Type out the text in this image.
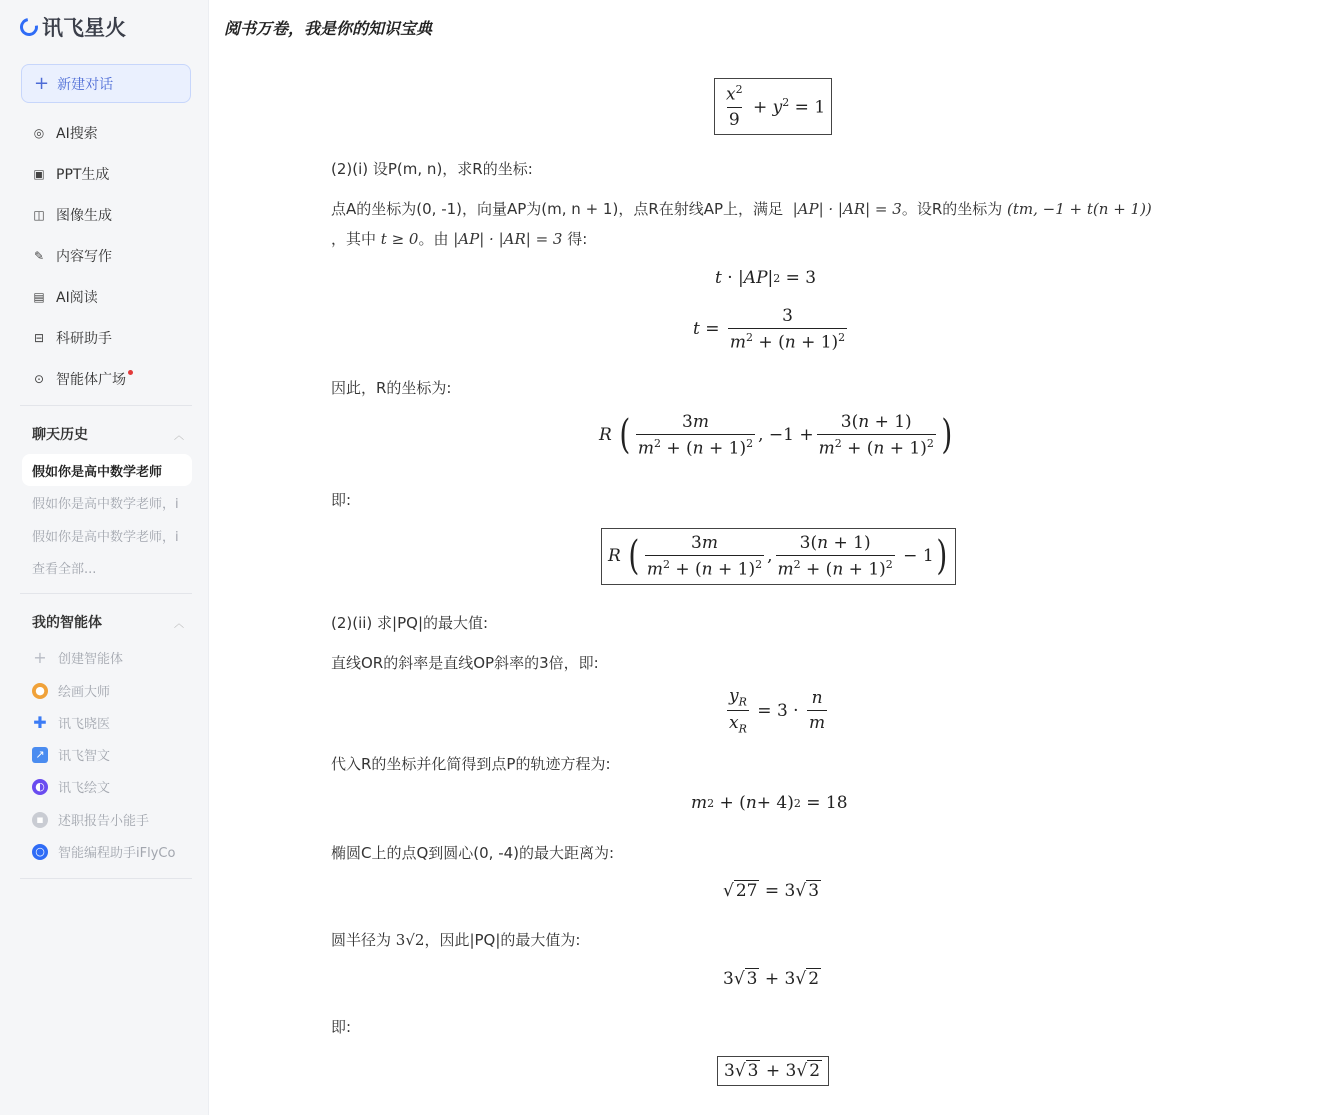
讯飞星火
+ 新建对话
◎ AI搜索
▣ PPT生成
◫ 图像生成
✎ 内容写作
▤ AI阅读
⊟ 科研助手
⊙ 智能体广场
聊天历史	︿
假如你是高中数学老师
假如你是高中数学老师，i
假如你是高中数学老师，i
查看全部...
我的智能体	︿
+ 创建智能体
● 绘画大师
✚ 讯飞晓医
↗ 讯飞智文
◐ 讯飞绘文
▪	述职报告小能手
○ 智能编程助手iFlyCo
阅书万卷，我是你的知识宝典
$\frac{x^2}{9} + y^2 = 1$
(2)(i) 设P(m, n)，求R的坐标:
点A的坐标为(0, -1)，向量AP为(m, n + 1)，点R在射线AP上，满足  |AP| · |AR| = 3。设R的坐标为 (tm, −1 + t(n + 1))
，其中 t ≥ 0。由 |AP| · |AR| = 3 得:
t · | AP | 2 = 3
$t = \frac{3}{m^2 + (n + 1)^2}$
因此，R的坐标为:
R
( $\frac{3m}{m^2 + (n + 1)^2}$ , $-1 + \frac{3(n + 1)}{m^2 + (n + 1)^2}$ )
即:
R
( $\frac{3m}{m^2 + (n + 1)^2}$ , $\frac{3(n + 1)}{m^2 + (n + 1)^2} - 1$ )
(2)(ii) 求|PQ|的最大值:
直线OR的斜率是直线OP斜率的3倍，即:
$\frac{y_R}{x_R} = 3 \cdot \frac{n}{m}$
代入R的坐标并化简得到点P的轨迹方程为:
m 2 + ( n + 4) 2 = 18
椭圆C上的点Q到圆心(0, -4)的最大距离为:
√ 27 = 3√ 3
圆半径为 3√2，因此|PQ|的最大值为:
3√ 3 + 3√ 2
即:
3√ 3 + 3√ 2
